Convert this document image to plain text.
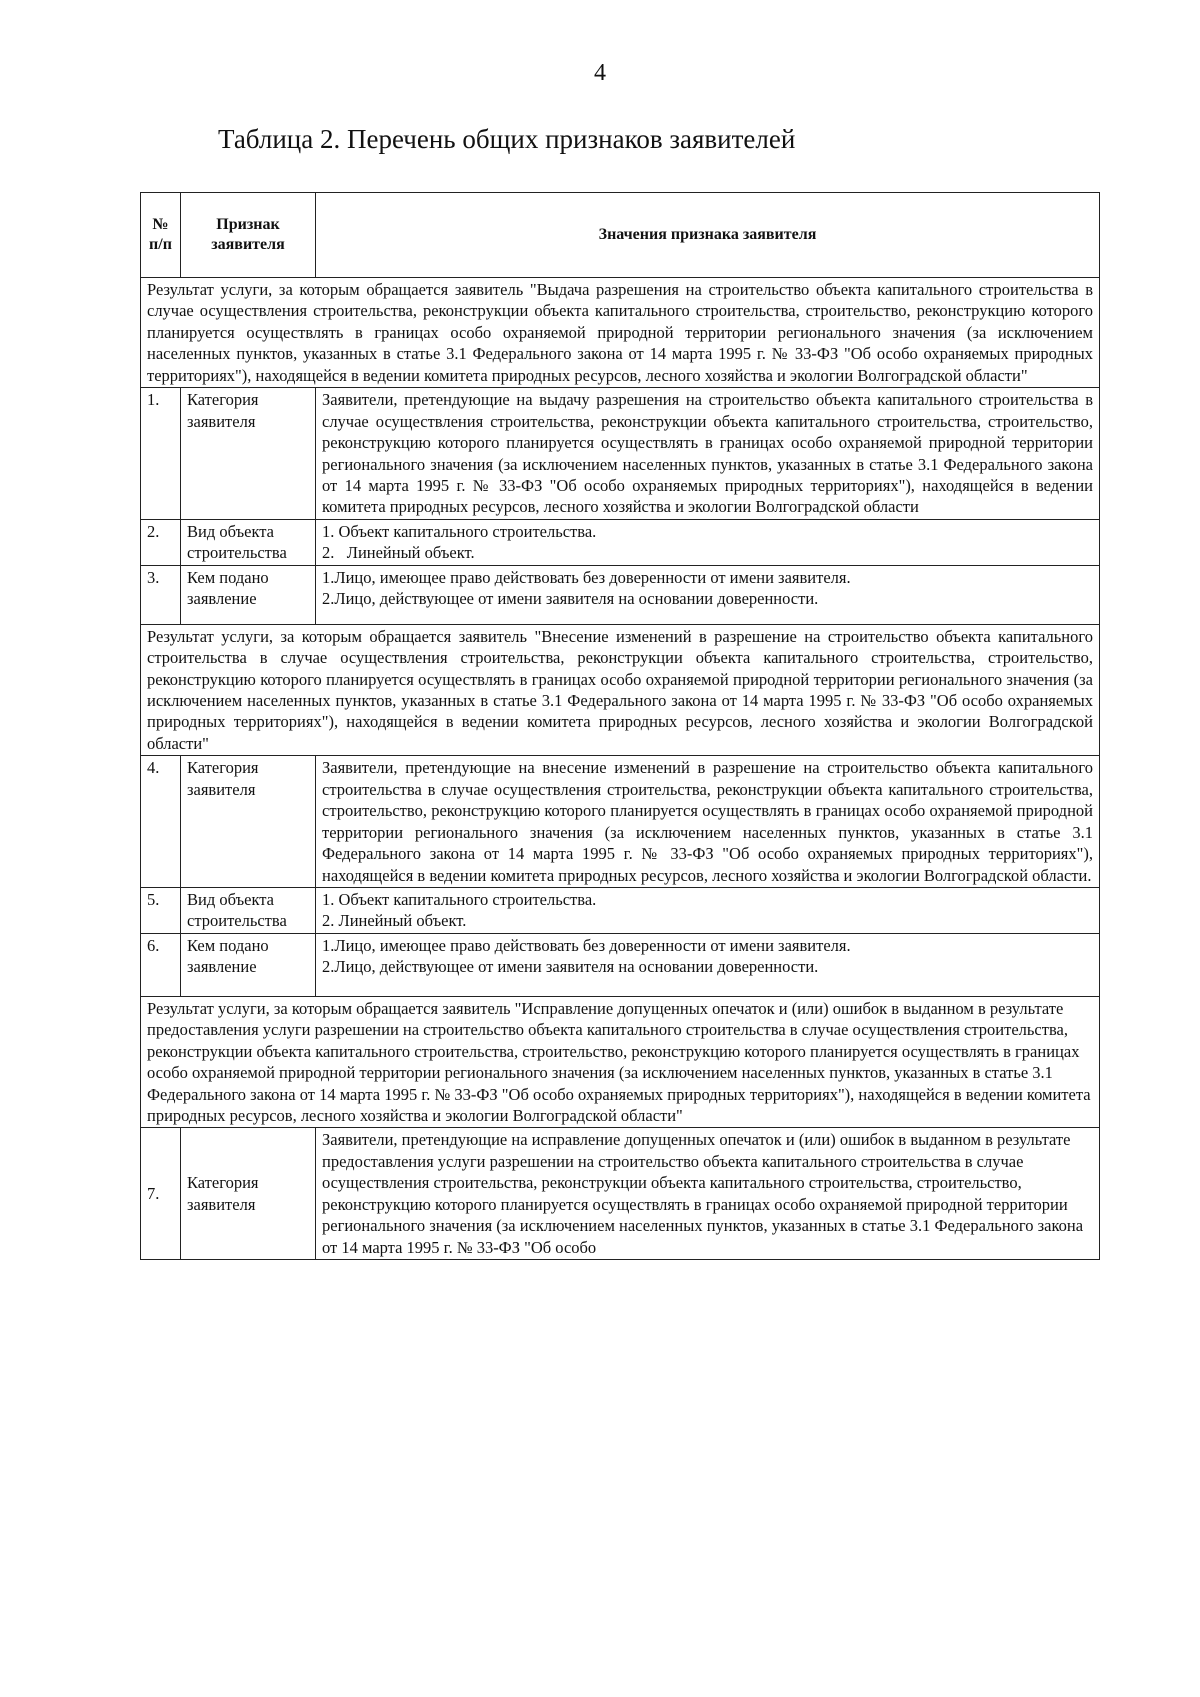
4
Таблица 2. Перечень общих признаков заявителей
№ п/п	Признак заявителя	Значения признака заявителя
Результат услуги, за которым обращается заявитель "Выдача разрешения на строительство объекта капитального строительства в случае осуществления строительства, реконструкции объекта капитального строительства, строительство, реконструкцию которого планируется осуществлять в границах особо охраняемой природной территории регионального значения (за исключением населенных пунктов, указанных в статье 3.1 Федерального закона от 14 марта 1995 г. № 33-ФЗ "Об особо охраняемых природных территориях"), находящейся в ведении комитета природных ресурсов, лесного хозяйства и экологии Волгоградской области"		
1.	Категория заявителя	Заявители, претендующие на выдачу разрешения на строительство объекта капитального строительства в случае осуществления строительства, реконструкции объекта капитального строительства, строительство, реконструкцию которого планируется осуществлять в границах особо охраняемой природной территории регионального значения (за исключением населенных пунктов, указанных в статье 3.1 Федерального закона от 14 марта 1995 г. № 33-ФЗ "Об особо охраняемых природных территориях"), находящейся в ведении комитета природных ресурсов, лесного хозяйства и экологии Волгоградской области

2.	Вид объекта строительства	1. Объект капитального строительства.
2.   Линейный объект.

3.	Кем подано заявление	1.Лицо, имеющее право действовать без доверенности от имени заявителя.
2.Лицо, действующее от имени заявителя на основании доверенности.

Результат услуги, за которым обращается заявитель "Внесение изменений в разрешение на строительство объекта капитального строительства в случае осуществления строительства, реконструкции объекта капитального строительства, строительство, реконструкцию которого планируется осуществлять в границах особо охраняемой природной территории регионального значения (за исключением населенных пунктов, указанных в статье 3.1 Федерального закона от 14 марта 1995 г. № 33-ФЗ "Об особо охраняемых природных территориях"), находящейся в ведении комитета природных ресурсов, лесного хозяйства и экологии Волгоградской области"		
4.	Категория заявителя	Заявители, претендующие на внесение изменений в разрешение на строительство объекта капитального строительства в случае осуществления строительства, реконструкции объекта капитального строительства, строительство, реконструкцию которого планируется осуществлять в границах особо охраняемой природной территории регионального значения (за исключением населенных пунктов, указанных в статье 3.1 Федерального закона от 14 марта 1995 г. № 33-ФЗ "Об особо охраняемых природных территориях"), находящейся в ведении комитета природных ресурсов, лесного хозяйства и экологии Волгоградской области.

5.	Вид объекта строительства	1. Объект капитального строительства.
2. Линейный объект.

6.	Кем подано заявление	1.Лицо, имеющее право действовать без доверенности от имени заявителя.
2.Лицо, действующее от имени заявителя на основании доверенности.

Результат услуги, за которым обращается заявитель "Исправление допущенных опечаток и (или) ошибок в выданном в результате предоставления услуги разрешении на строительство объекта капитального строительства в случае осуществления строительства, реконструкции объекта капитального строительства, строительство, реконструкцию которого планируется осуществлять в границах особо охраняемой природной территории регионального значения (за исключением населенных пунктов, указанных в статье 3.1 Федерального закона от 14 марта 1995 г. № 33-ФЗ "Об особо охраняемых природных территориях"), находящейся в ведении комитета природных ресурсов, лесного хозяйства и экологии Волгоградской области"		
7.	Категория заявителя	Заявители, претендующие на исправление допущенных опечаток и (или) ошибок в выданном в результате предоставления услуги разрешении на строительство объекта капитального строительства в случае осуществления строительства, реконструкции объекта капитального строительства, строительство, реконструкцию которого планируется осуществлять в границах особо охраняемой природной территории регионального значения (за исключением населенных пунктов, указанных в статье 3.1 Федерального закона от 14 марта 1995 г. № 33-ФЗ "Об особо
